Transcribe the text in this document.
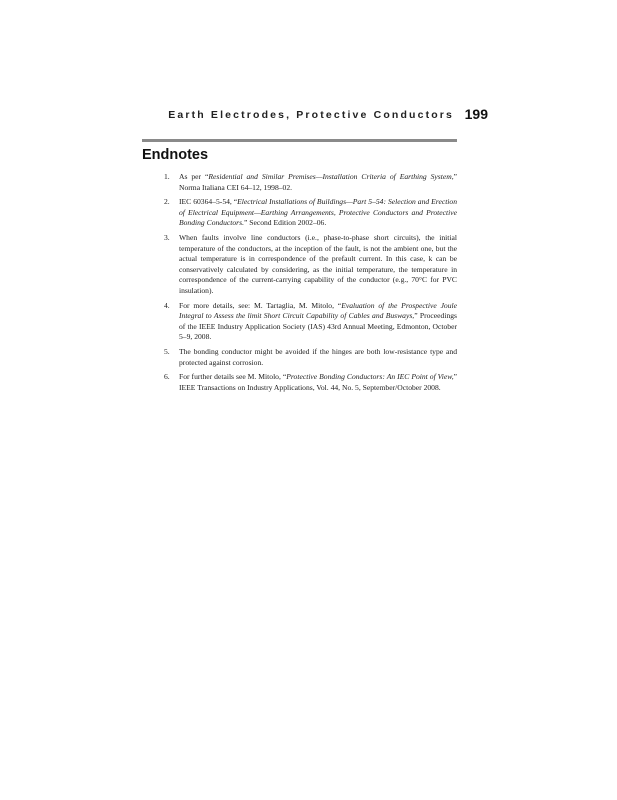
Earth Electrodes, Protective Conductors 199
Endnotes
1. As per “Residential and Similar Premises—Installation Criteria of Earthing System,” Norma Italiana CEI 64–12, 1998–02.
2. IEC 60364–5-54, “Electrical Installations of Buildings—Part 5–54: Selection and Erection of Electrical Equipment—Earthing Arrangements, Protective Conductors and Protective Bonding Conductors.” Second Edition 2002–06.
3. When faults involve line conductors (i.e., phase-to-phase short circuits), the initial temperature of the conductors, at the inception of the fault, is not the ambient one, but the actual temperature is in correspondence of the prefault current. In this case, k can be conservatively calculated by considering, as the initial temperature, the temperature in correspondence of the current-carrying capability of the conductor (e.g., 70°C for PVC insulation).
4. For more details, see: M. Tartaglia, M. Mitolo, “Evaluation of the Prospective Joule Integral to Assess the limit Short Circuit Capability of Cables and Busways,” Proceedings of the IEEE Industry Application Society (IAS) 43rd Annual Meeting, Edmonton, October 5–9, 2008.
5. The bonding conductor might be avoided if the hinges are both low-resistance type and protected against corrosion.
6. For further details see M. Mitolo, “Protective Bonding Conductors: An IEC Point of View,” IEEE Transactions on Industry Applications, Vol. 44, No. 5, September/October 2008.
